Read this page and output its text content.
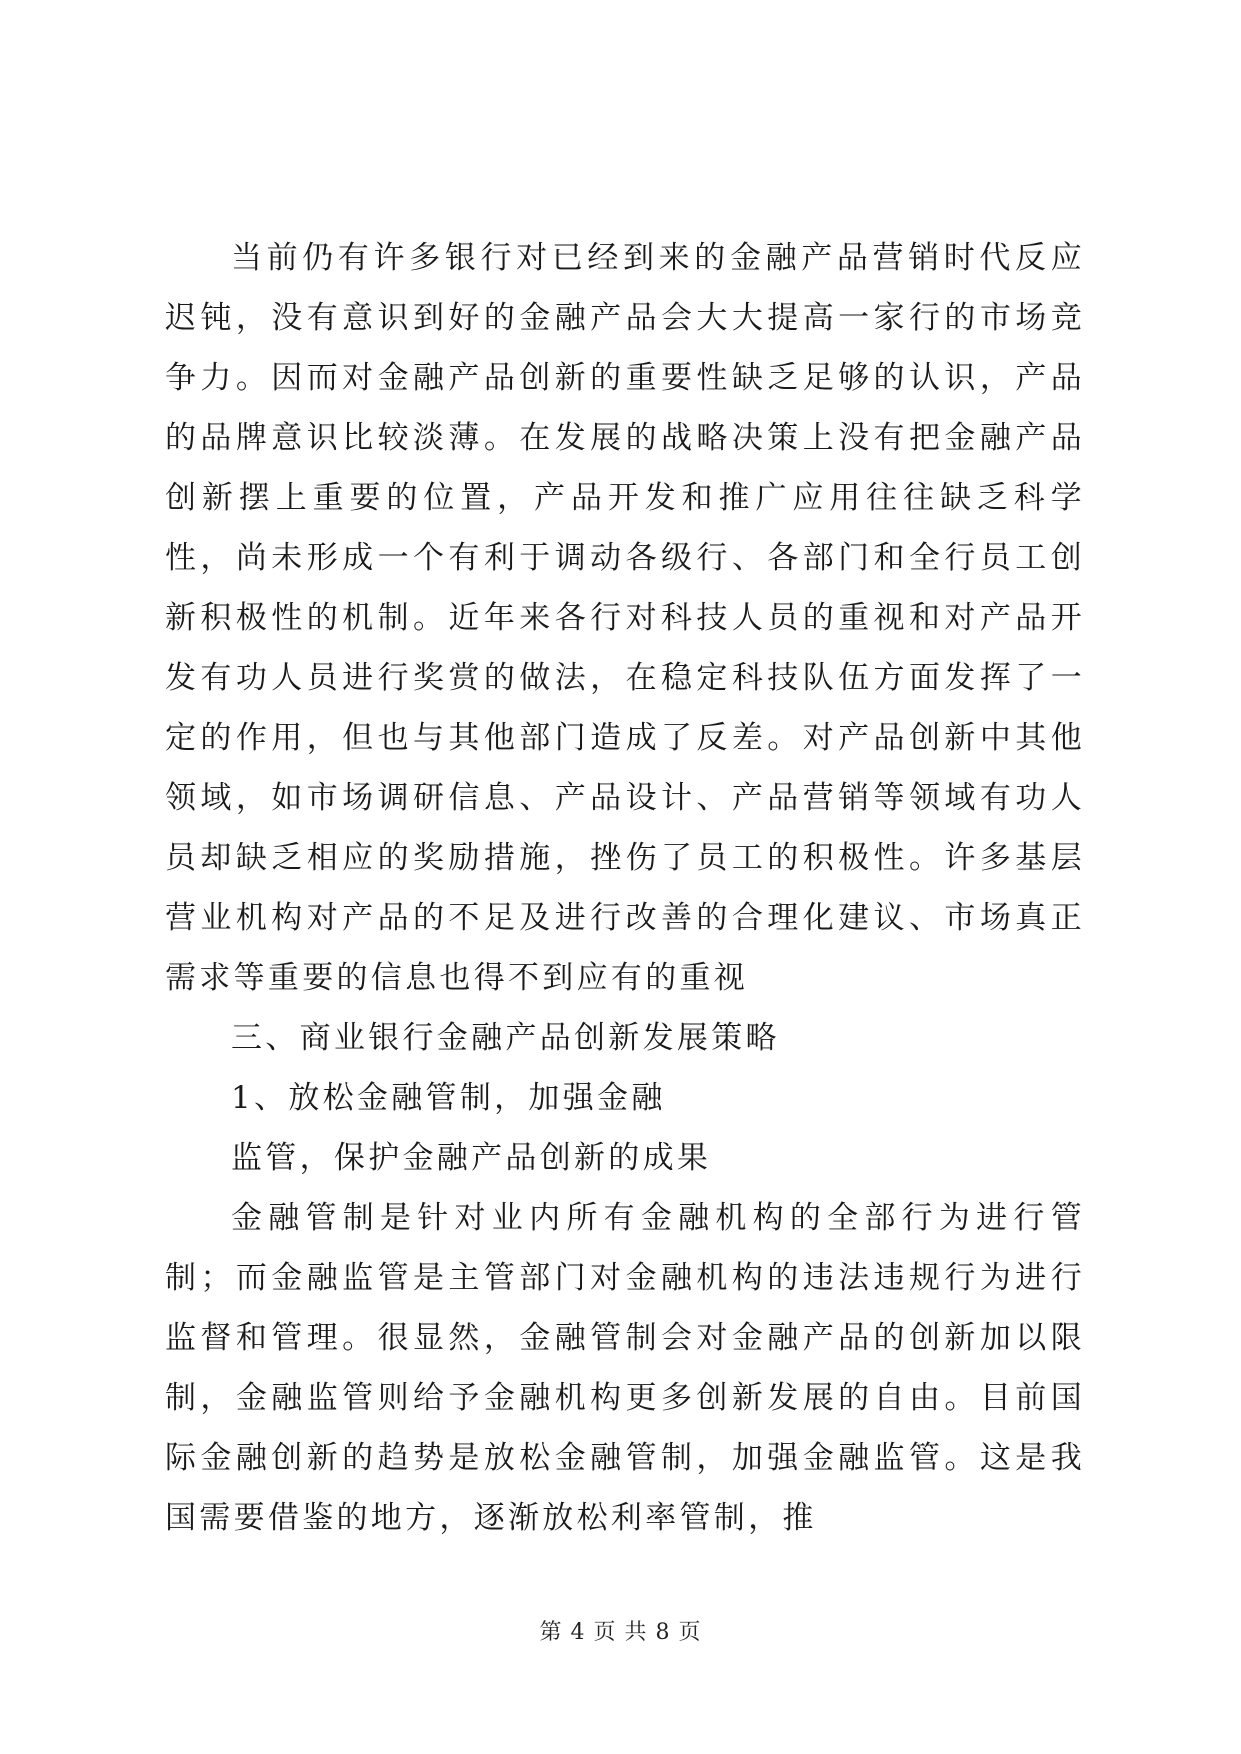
当前仍有许多银行对已经到来的金融产品营销时代反应迟钝，没有意识到好的金融产品会大大提高一家行的市场竞争力。因而对金融产品创新的重要性缺乏足够的认识，产品的品牌意识比较淡薄。在发展的战略决策上没有把金融产品创新摆上重要的位置，产品开发和推广应用往往缺乏科学性，尚未形成一个有利于调动各级行、各部门和全行员工创新积极性的机制。近年来各行对科技人员的重视和对产品开发有功人员进行奖赏的做法，在稳定科技队伍方面发挥了一定的作用，但也与其他部门造成了反差。对产品创新中其他领域，如市场调研信息、产品设计、产品营销等领域有功人员却缺乏相应的奖励措施，挫伤了员工的积极性。许多基层营业机构对产品的不足及进行改善的合理化建议、市场真正需求等重要的信息也得不到应有的重视

三、商业银行金融产品创新发展策略

1、放松金融管制，加强金融

监管，保护金融产品创新的成果

金融管制是针对业内所有金融机构的全部行为进行管制；而金融监管是主管部门对金融机构的违法违规行为进行监督和管理。很显然，金融管制会对金融产品的创新加以限制，金融监管则给予金融机构更多创新发展的自由。目前国际金融创新的趋势是放松金融管制，加强金融监管。这是我国需要借鉴的地方，逐渐放松利率管制，推

第 4 页 共 8 页
